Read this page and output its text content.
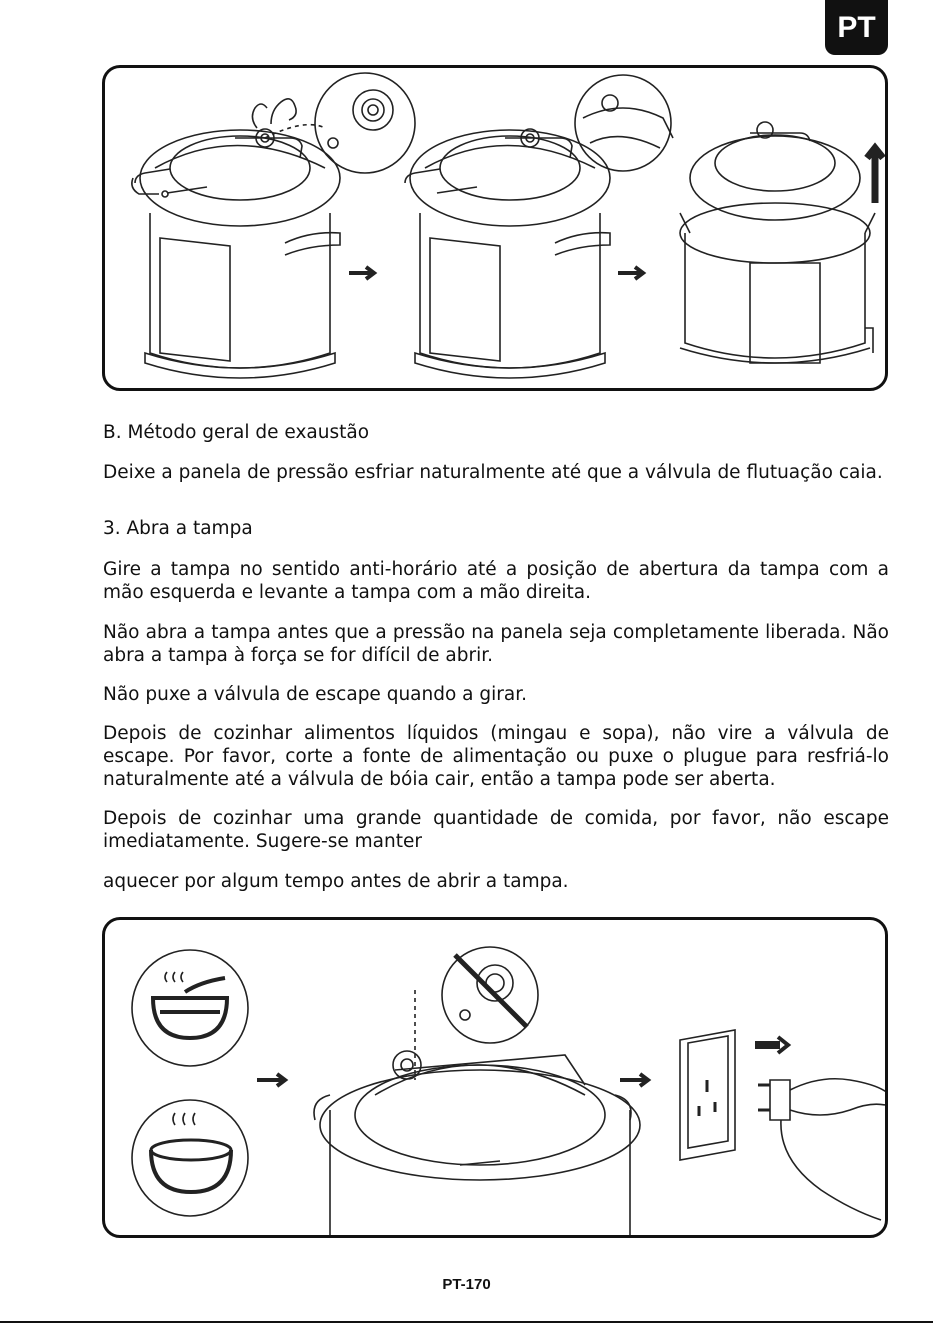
PT
B. Método geral de exaustão
Deixe a panela de pressão esfriar naturalmente até que a válvula de flutuação caia.
3. Abra a tampa
Gire a tampa no sentido anti-horário até a posição de abertura da tampa com a mão esquerda e levante a tampa com a mão direita.
Não abra a tampa antes que a pressão na panela seja completamente liberada. Não abra a tampa à força se for difícil de abrir.
Não puxe a válvula de escape quando a girar.
Depois de cozinhar alimentos líquidos (mingau e sopa), não vire a válvula de escape. Por favor, corte a fonte de alimentação ou puxe o plugue para resfriá-lo naturalmente até a válvula de bóia cair, então a tampa pode ser aberta.
Depois de cozinhar uma grande quantidade de comida, por favor, não escape imediatamente. Sugere-se manter
aquecer por algum tempo antes de abrir a tampa.
PT-170
